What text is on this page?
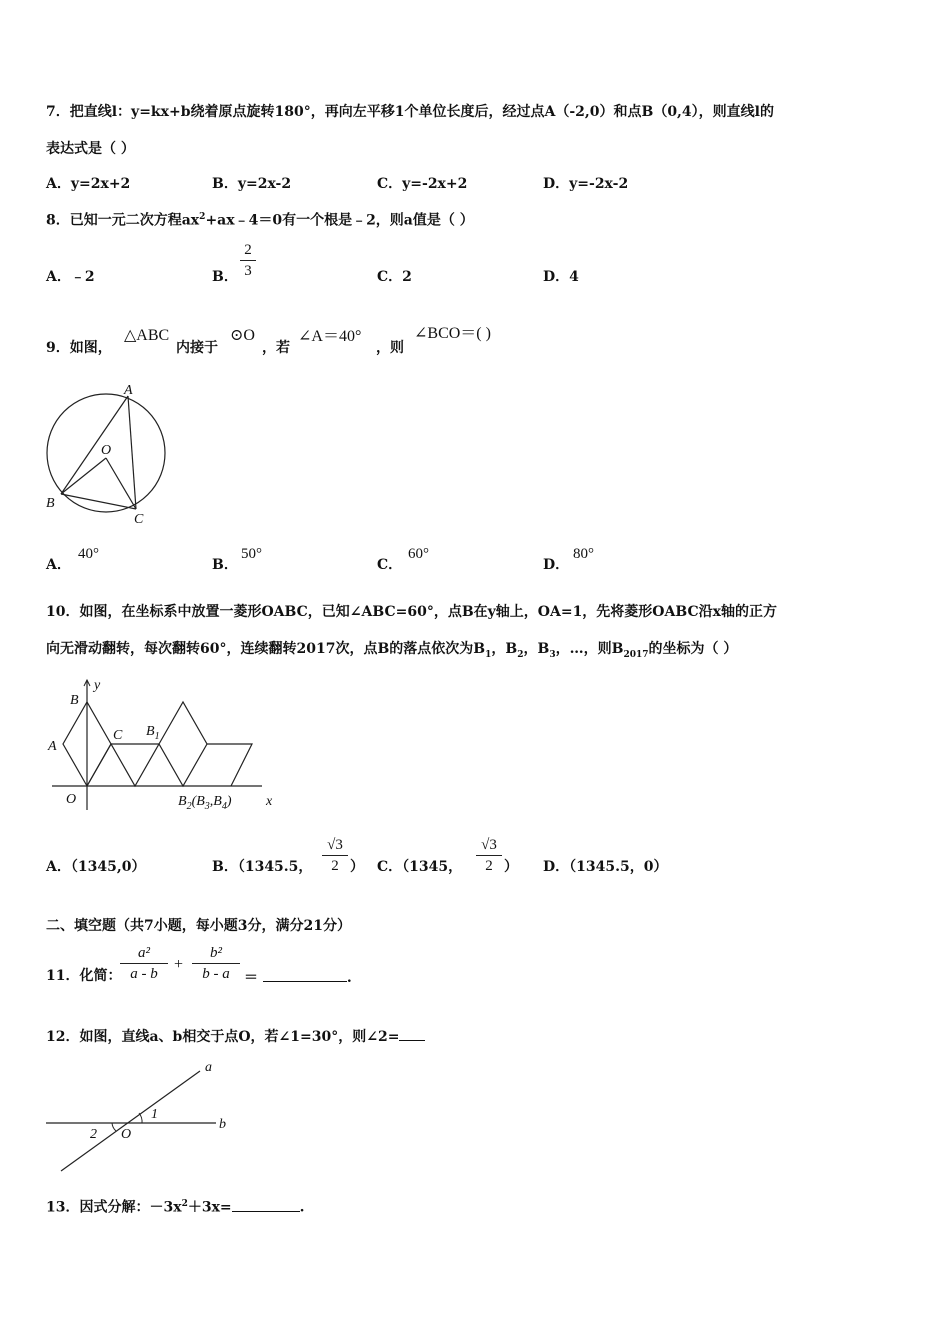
7．把直线l：y=kx+b绕着原点旋转180°，再向左平移1个单位长度后，经过点A（-2,0）和点B（0,4），则直线l的
表达式是（ ）
A．y=2x+2	B．y=2x-2	C．y=-2x+2	D．y=-2x-2
8．已知一元二次方程$ax^2+ax﹣4=0$有一个根是﹣2，则a值是（ ）
A．﹣2	B．
2
3	C．2	D．4
9．如图，
△ABC
内接于
⊙O
，若
∠A＝40°
，则
∠BCO＝( )
A
B
C
O
A．
40°
B．
50°
C．
60°
D．
80°
10．如图，在坐标系中放置一菱形OABC，已知∠ABC=60°，点B在y轴上，OA=1，先将菱形OABC沿x轴的正方
向无滑动翻转，每次翻转60°，连续翻转2017次，点B的落点依次为$B_1$，$B_2$，$B_3$，…，则$B_{2017}$的坐标为（ ）
y
x
B
A
C
O
$B_1$
$B_2(B_3,B_4)$
A．（1345,0）	B．（1345.5，
√3
2 ） C．（1345，
√3
2 ） D．（1345.5，0）
二、填空题（共7小题，每小题3分，满分21分）
11．化简：
a²
a - b
+
b²
b - a	＝	.
12．如图，直线a、b相交于点O，若∠1=30°，则∠2=
a
b
1
2 O
13．因式分解：$-3x^2+3x=$	.
